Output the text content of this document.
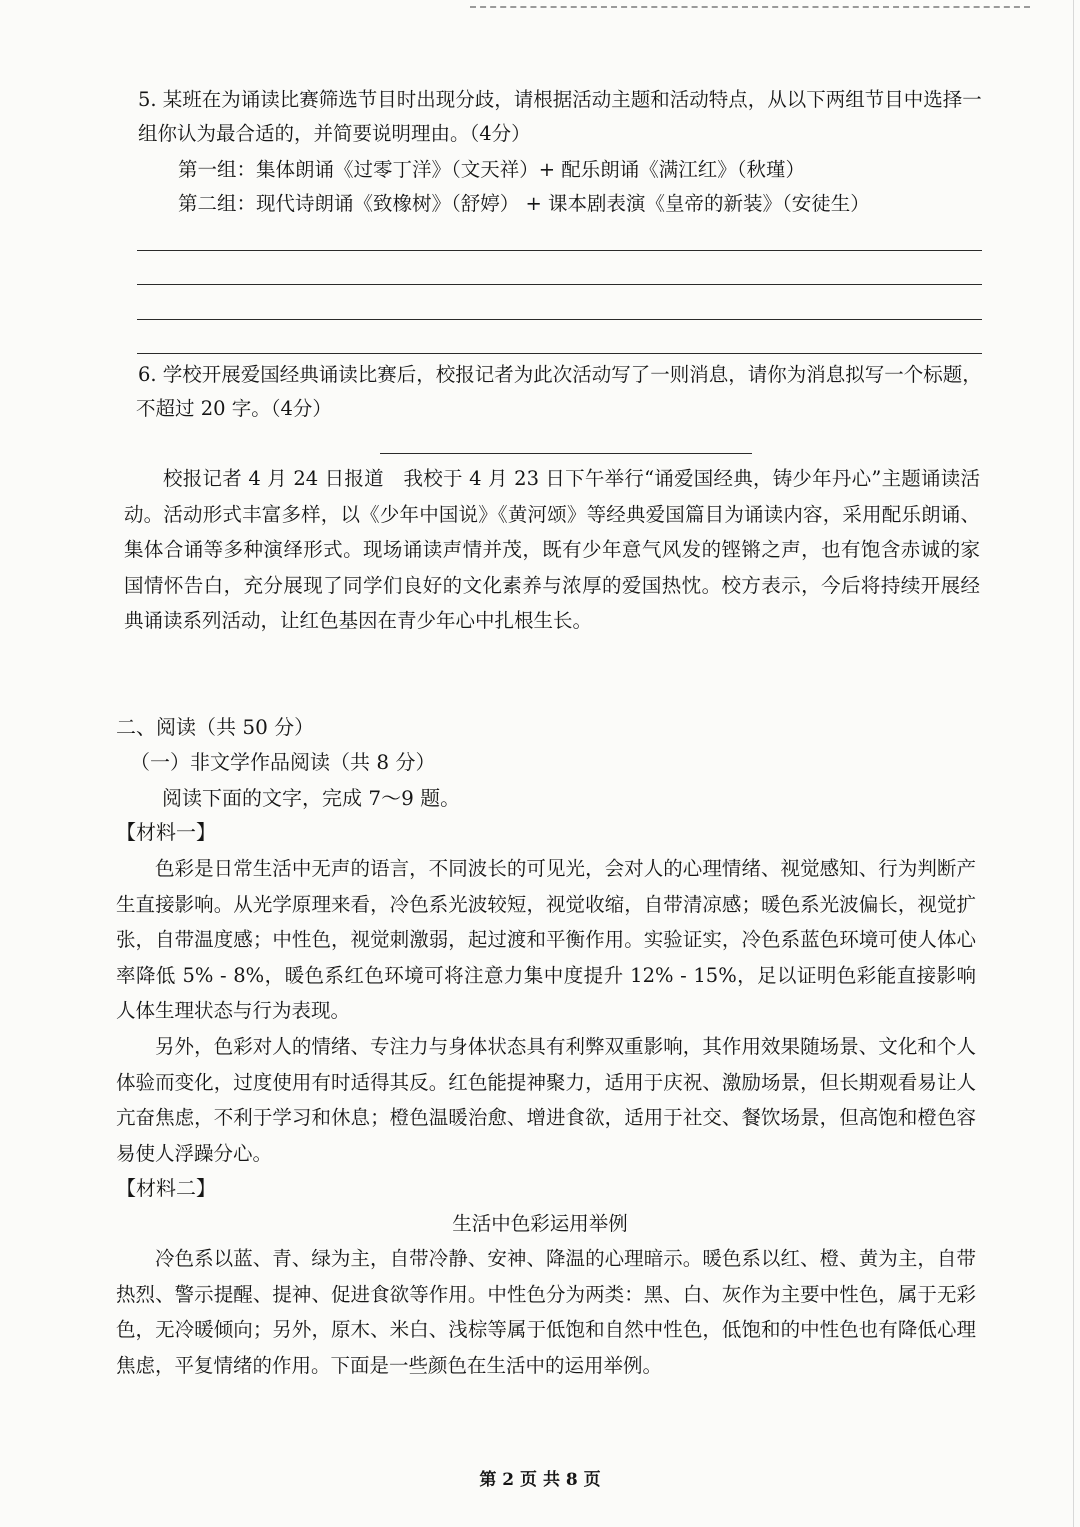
5. 某班在为诵读比赛筛选节目时出现分歧，请根据活动主题和活动特点，从以下两组节目中选择一

组你认为最合适的，并简要说明理由。（4分）

第一组：集体朗诵《过零丁洋》（文天祥）+ 配乐朗诵《满江红》（秋瑾）

第二组：现代诗朗诵《致橡树》（舒婷） + 课本剧表演《皇帝的新装》（安徒生）

6. 学校开展爱国经典诵读比赛后，校报记者为此次活动写了一则消息，请你为消息拟写一个标题，

不超过 20 字。（4分）

校报记者 4 月 24 日报道　我校于 4 月 23 日下午举行“诵爱国经典，铸少年丹心”主题诵读活动。活动形式丰富多样，以《少年中国说》《黄河颂》等经典爱国篇目为诵读内容，采用配乐朗诵、集体合诵等多种演绎形式。现场诵读声情并茂，既有少年意气风发的铿锵之声，也有饱含赤诚的家国情怀告白，充分展现了同学们良好的文化素养与浓厚的爱国热忱。校方表示，今后将持续开展经典诵读系列活动，让红色基因在青少年心中扎根生长。

二、阅读（共 50 分）

（一）非文学作品阅读（共 8 分）

阅读下面的文字，完成 7～9 题。

【材料一】

色彩是日常生活中无声的语言，不同波长的可见光，会对人的心理情绪、视觉感知、行为判断产生直接影响。从光学原理来看，冷色系光波较短，视觉收缩，自带清凉感；暖色系光波偏长，视觉扩张，自带温度感；中性色，视觉刺激弱，起过渡和平衡作用。实验证实，冷色系蓝色环境可使人体心率降低 5% - 8%，暖色系红色环境可将注意力集中度提升 12% - 15%，足以证明色彩能直接影响人体生理状态与行为表现。

另外，色彩对人的情绪、专注力与身体状态具有利弊双重影响，其作用效果随场景、文化和个人体验而变化，过度使用有时适得其反。红色能提神聚力，适用于庆祝、激励场景，但长期观看易让人亢奋焦虑，不利于学习和休息；橙色温暖治愈、增进食欲，适用于社交、餐饮场景，但高饱和橙色容易使人浮躁分心。

【材料二】

生活中色彩运用举例

冷色系以蓝、青、绿为主，自带冷静、安神、降温的心理暗示。暖色系以红、橙、黄为主，自带热烈、警示提醒、提神、促进食欲等作用。中性色分为两类：黑、白、灰作为主要中性色，属于无彩色，无冷暖倾向；另外，原木、米白、浅棕等属于低饱和自然中性色，低饱和的中性色也有降低心理焦虑，平复情绪的作用。下面是一些颜色在生活中的运用举例。

第 2 页 共 8 页
